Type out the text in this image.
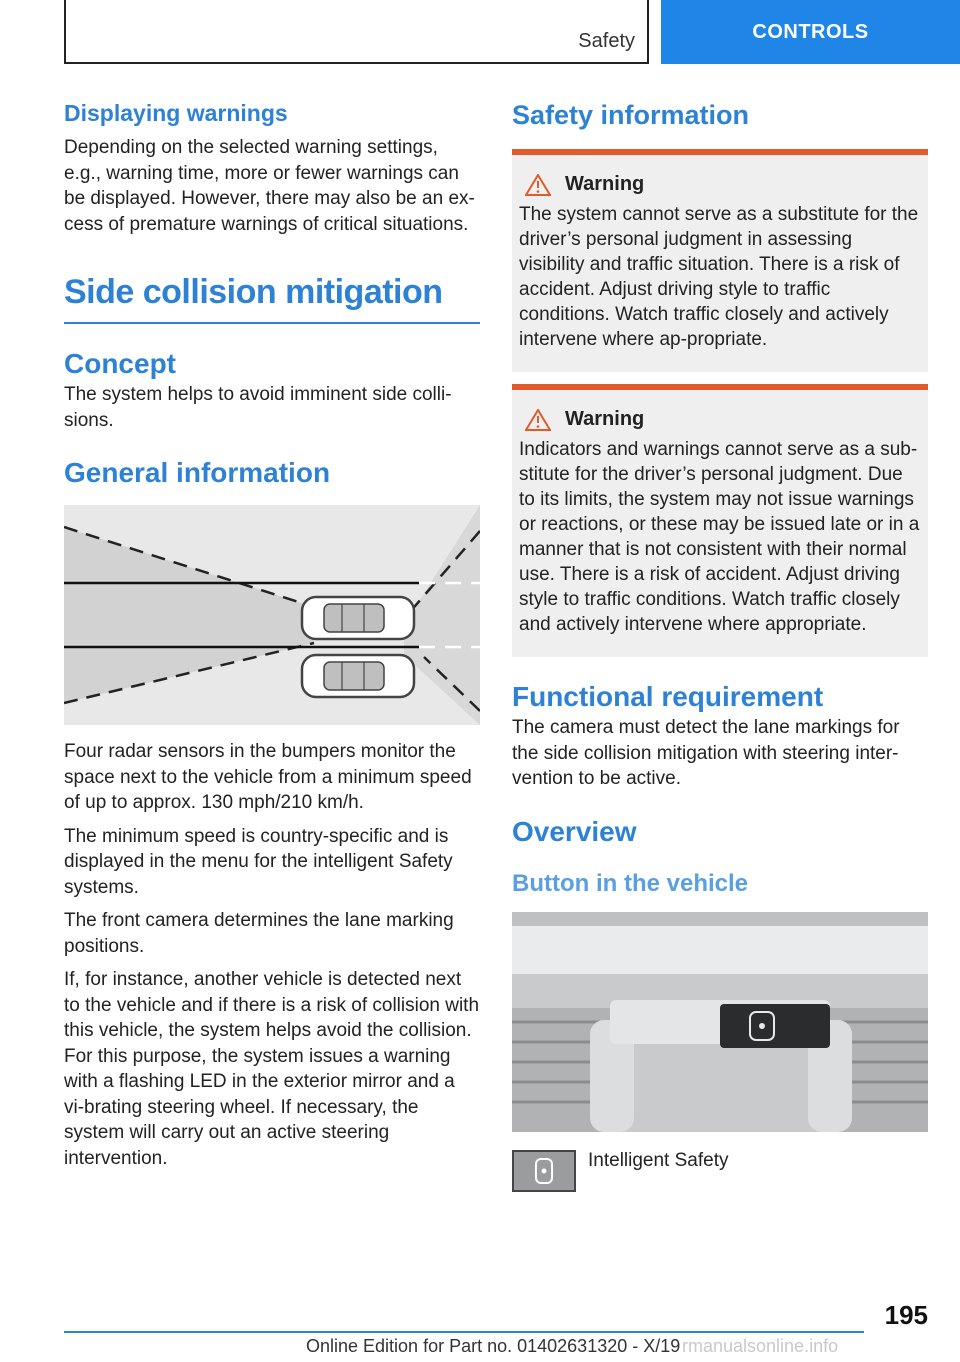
Safety	CONTROLS
Displaying warnings

Depending on the selected warning settings, e.g., warning time, more or fewer warnings can be displayed. However, there may also be an ex-cess of premature warnings of critical situations.

Side collision mitigation
Concept

The system helps to avoid imminent side colli-sions.

General information

Four radar sensors in the bumpers monitor the space next to the vehicle from a minimum speed of up to approx. 130 mph/210 km/h.

The minimum speed is country-specific and is displayed in the menu for the intelligent Safety systems.

The front camera determines the lane marking positions.

If, for instance, another vehicle is detected next to the vehicle and if there is a risk of collision with this vehicle, the system helps avoid the collision. For this purpose, the system issues a warning with a flashing LED in the exterior mirror and a vi-brating steering wheel. If necessary, the system will carry out an active steering intervention.

Safety information
Warning

The system cannot serve as a substitute for the driver’s personal judgment in assessing visibility and traffic situation. There is a risk of accident. Adjust driving style to traffic conditions. Watch traffic closely and actively intervene where ap-propriate.

Warning

Indicators and warnings cannot serve as a sub-stitute for the driver’s personal judgment. Due to its limits, the system may not issue warnings or reactions, or these may be issued late or in a manner that is not consistent with their normal use. There is a risk of accident. Adjust driving style to traffic conditions. Watch traffic closely and actively intervene where appropriate.

Functional requirement

The camera must detect the lane markings for the side collision mitigation with steering inter-vention to be active.

Overview
Button in the vehicle
Intelligent Safety
195
Online Edition for Part no. 01402631320 - X/19 rmanualsonline.info
